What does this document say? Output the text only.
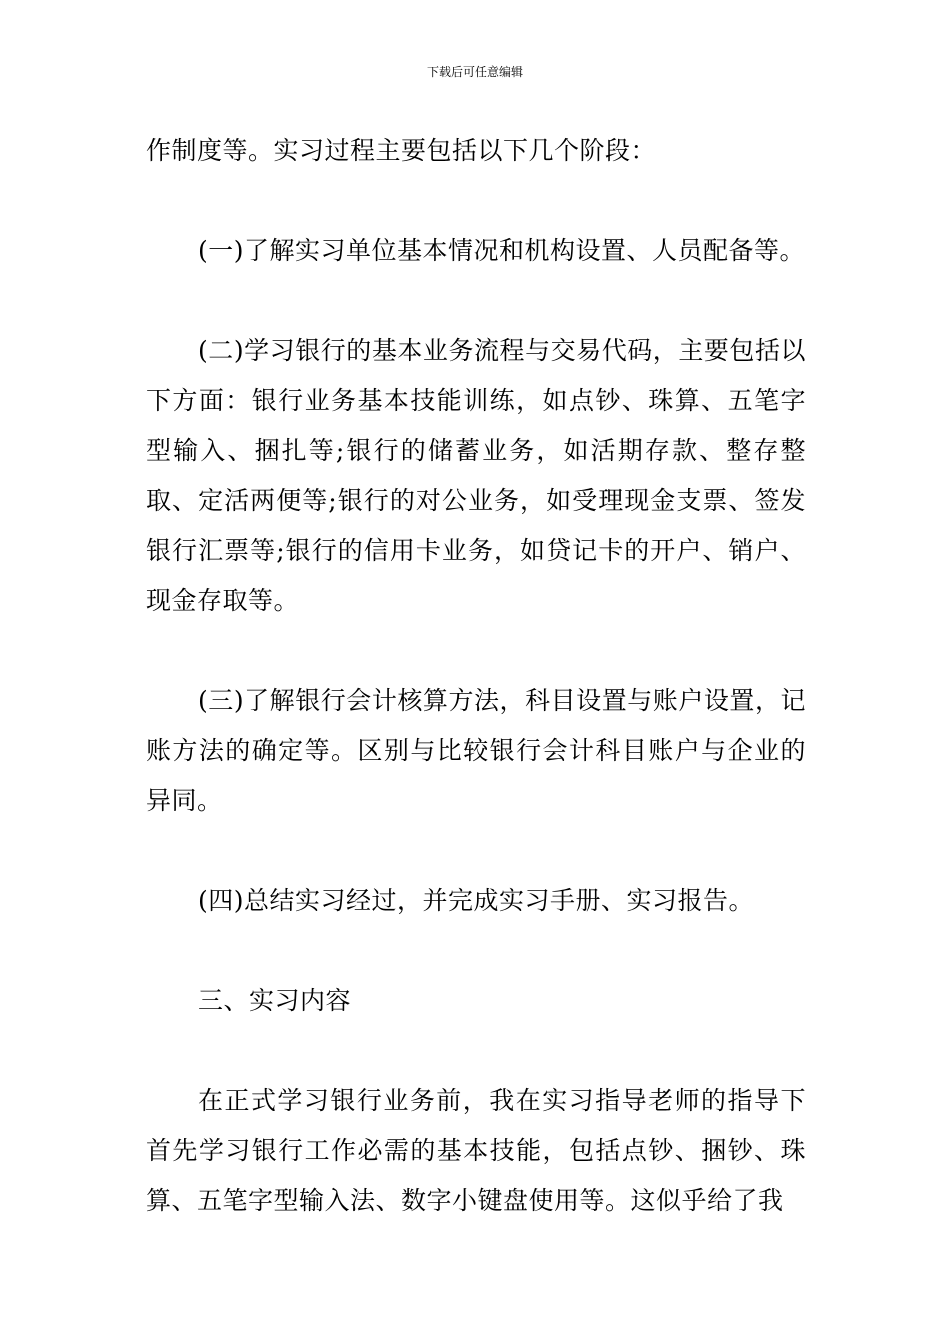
下载后可任意编辑

作制度等。实习过程主要包括以下几个阶段：

(一)了解实习单位基本情况和机构设置、人员配备等。

(二)学习银行的基本业务流程与交易代码，主要包括以下方面：银行业务基本技能训练，如点钞、珠算、五笔字型输入、捆扎等;银行的储蓄业务，如活期存款、整存整取、定活两便等;银行的对公业务，如受理现金支票、签发银行汇票等;银行的信用卡业务，如贷记卡的开户、销户、现金存取等。

(三)了解银行会计核算方法，科目设置与账户设置，记账方法的确定等。区别与比较银行会计科目账户与企业的异同。

(四)总结实习经过，并完成实习手册、实习报告。

三、实习内容

在正式学习银行业务前，我在实习指导老师的指导下首先学习银行工作必需的基本技能，包括点钞、捆钞、珠算、五笔字型输入法、数字小键盘使用等。这似乎给了我
